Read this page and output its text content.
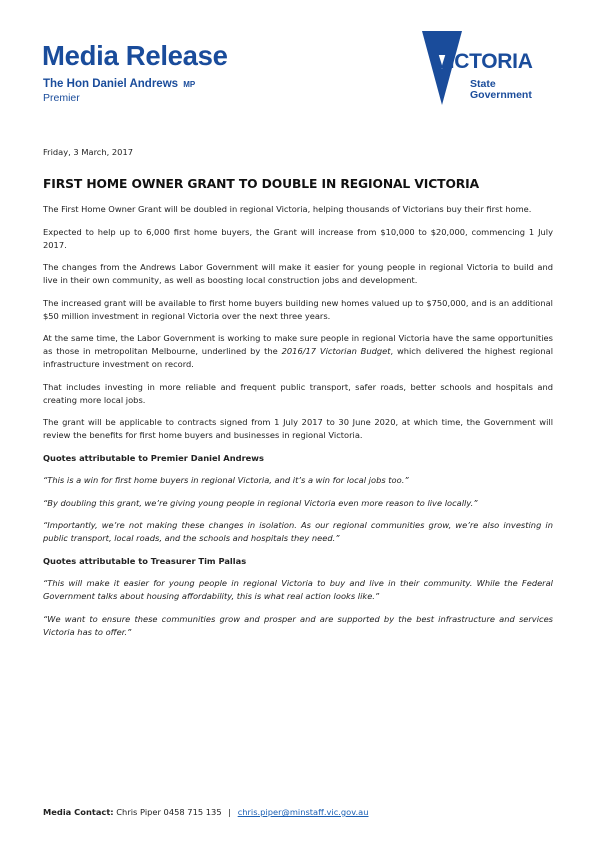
Media Release
The Hon Daniel Andrews MP
Premier
VICTORIA
State
Government

Friday, 3 March, 2017

FIRST HOME OWNER GRANT TO DOUBLE IN REGIONAL VICTORIA

The First Home Owner Grant will be doubled in regional Victoria, helping thousands of Victorians buy their first home.

Expected to help up to 6,000 first home buyers, the Grant will increase from $10,000 to $20,000, commencing 1 July 2017.

The changes from the Andrews Labor Government will make it easier for young people in regional Victoria to build and live in their own community, as well as boosting local construction jobs and development.

The increased grant will be available to first home buyers building new homes valued up to $750,000, and is an additional $50 million investment in regional Victoria over the next three years.

At the same time, the Labor Government is working to make sure people in regional Victoria have the same opportunities as those in metropolitan Melbourne, underlined by the 2016/17 Victorian Budget, which delivered the highest regional infrastructure investment on record.

That includes investing in more reliable and frequent public transport, safer roads, better schools and hospitals and creating more local jobs.

The grant will be applicable to contracts signed from 1 July 2017 to 30 June 2020, at which time, the Government will review the benefits for first home buyers and businesses in regional Victoria.

Quotes attributable to Premier Daniel Andrews

“This is a win for first home buyers in regional Victoria, and it’s a win for local jobs too.”

“By doubling this grant, we’re giving young people in regional Victoria even more reason to live locally.”

“Importantly, we’re not making these changes in isolation. As our regional communities grow, we’re also investing in public transport, local roads, and the schools and hospitals they need.”

Quotes attributable to Treasurer Tim Pallas

“This will make it easier for young people in regional Victoria to buy and live in their community. While the Federal Government talks about housing affordability, this is what real action looks like.”

“We want to ensure these communities grow and prosper and are supported by the best infrastructure and services Victoria has to offer.”

Media Contact: Chris Piper 0458 715 135 | chris.piper@minstaff.vic.gov.au
